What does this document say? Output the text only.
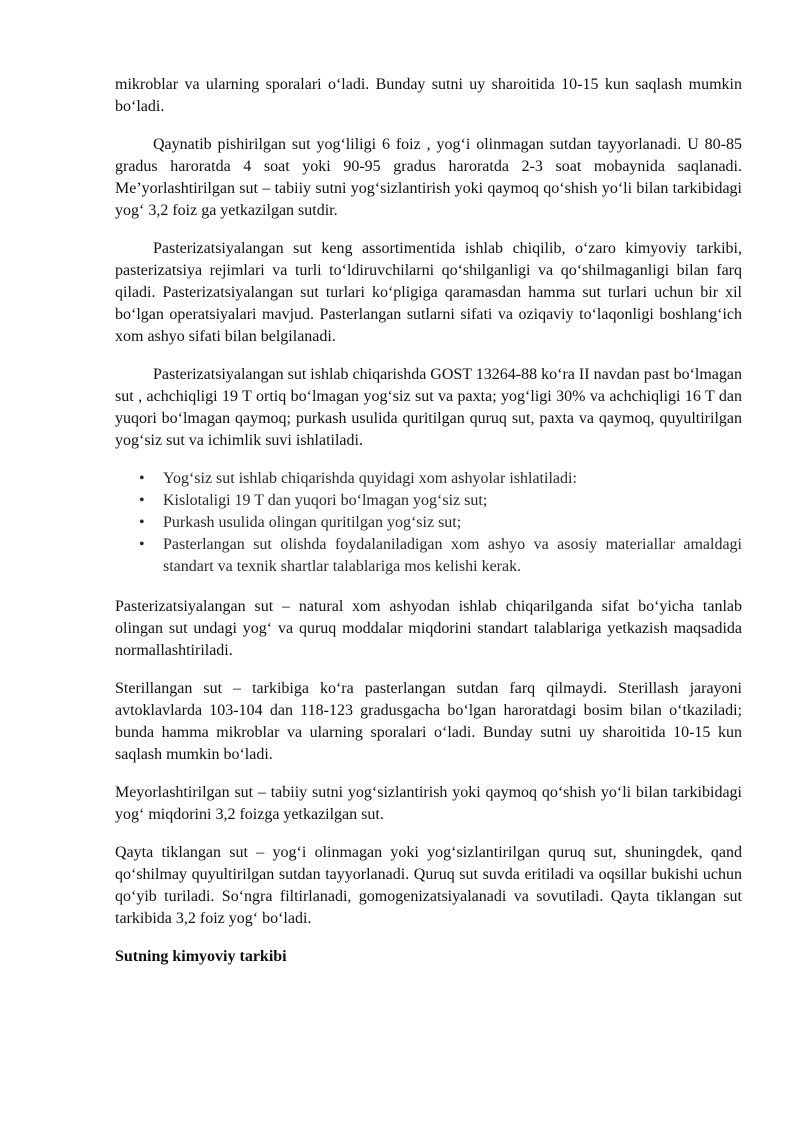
mikroblar va ularning sporalari o‘ladi. Bunday sutni uy sharoitida 10-15 kun saqlash mumkin bo‘ladi.

Qaynatib pishirilgan sut yog‘liligi 6 foiz , yog‘i olinmagan sutdan tayyorlanadi. U 80-85 gradus haroratda 4 soat yoki 90-95 gradus haroratda 2-3 soat mobaynida saqlanadi. Me’yorlashtirilgan sut – tabiiy sutni yog‘sizlantirish yoki qaymoq qo‘shish yo‘li bilan tarkibidagi yog‘ 3,2 foiz ga yetkazilgan sutdir.

Pasterizatsiyalangan sut keng assortimentida ishlab chiqilib, o‘zaro kimyoviy tarkibi, pasterizatsiya rejimlari va turli to‘ldiruvchilarni qo‘shilganligi va qo‘shilmaganligi bilan farq qiladi. Pasterizatsiyalangan sut turlari ko‘pligiga qaramasdan hamma sut turlari uchun bir xil bo‘lgan operatsiyalari mavjud. Pasterlangan sutlarni sifati va oziqaviy to‘laqonligi boshlang‘ich xom ashyo sifati bilan belgilanadi.

Pasterizatsiyalangan sut ishlab chiqarishda GOST 13264-88 ko‘ra II navdan past bo‘lmagan sut , achchiqligi 19 T ortiq bo‘lmagan yog‘siz sut va paxta; yog‘ligi 30% va achchiqligi 16 T dan yuqori bo‘lmagan qaymoq; purkash usulida quritilgan quruq sut, paxta va qaymoq, quyultirilgan yog‘siz sut va ichimlik suvi ishlatiladi.

• Yog‘siz sut ishlab chiqarishda quyidagi xom ashyolar ishlatiladi:
• Kislotaligi 19 T dan yuqori bo‘lmagan yog‘siz sut;
• Purkash usulida olingan quritilgan yog‘siz sut;
• Pasterlangan sut olishda foydalaniladigan xom ashyo va asosiy materiallar amaldagi standart va texnik shartlar talablariga mos kelishi kerak.

Pasterizatsiyalangan sut – natural xom ashyodan ishlab chiqarilganda sifat bo‘yicha tanlab olingan sut undagi yog‘ va quruq moddalar miqdorini standart talablariga yetkazish maqsadida normallashtiriladi.

Sterillangan sut – tarkibiga ko‘ra pasterlangan sutdan farq qilmaydi. Sterillash jarayoni avtoklavlarda 103-104 dan 118-123 gradusgacha bo‘lgan haroratdagi bosim bilan o‘tkaziladi; bunda hamma mikroblar va ularning sporalari o‘ladi. Bunday sutni uy sharoitida 10-15 kun saqlash mumkin bo‘ladi.

Meyorlashtirilgan sut – tabiiy sutni yog‘sizlantirish yoki qaymoq qo‘shish yo‘li bilan tarkibidagi yog‘ miqdorini 3,2 foizga yetkazilgan sut.

Qayta tiklangan sut – yog‘i olinmagan yoki yog‘sizlantirilgan quruq sut, shuningdek, qand qo‘shilmay quyultirilgan sutdan tayyorlanadi. Quruq sut suvda eritiladi va oqsillar bukishi uchun qo‘yib turiladi. So‘ngra filtirlanadi, gomogenizatsiyalanadi va sovutiladi. Qayta tiklangan sut tarkibida 3,2 foiz yog‘ bo‘ladi.

Sutning kimyoviy tarkibi
